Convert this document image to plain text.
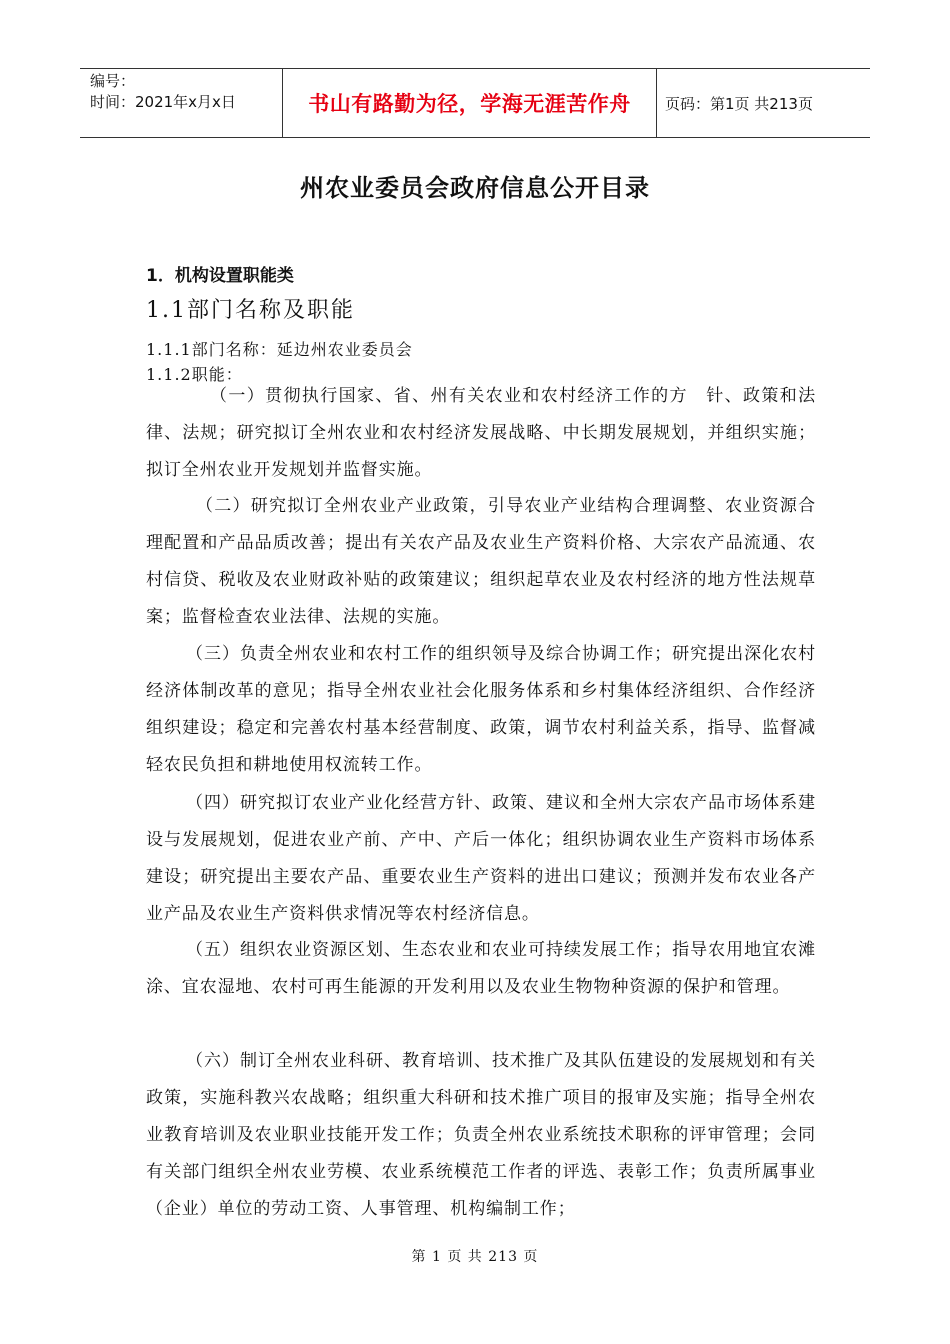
编号：
时间：2021年x月x日	书山有路勤为径，学海无涯苦作舟	页码：第1页 共213页
州农业委员会政府信息公开目录
1．机构设置职能类
1.1部门名称及职能
1.1.1部门名称：延边州农业委员会
1.1.2职能：

（一）贯彻执行国家、省、州有关农业和农村经济工作的方　针、政策和法律、法规；研究拟订全州农业和农村经济发展战略、中长期发展规划，并组织实施；拟订全州农业开发规划并监督实施。

（二）研究拟订全州农业产业政策，引导农业产业结构合理调整、农业资源合理配置和产品品质改善；提出有关农产品及农业生产资料价格、大宗农产品流通、农村信贷、税收及农业财政补贴的政策建议；组织起草农业及农村经济的地方性法规草案；监督检查农业法律、法规的实施。

（三）负责全州农业和农村工作的组织领导及综合协调工作；研究提出深化农村经济体制改革的意见；指导全州农业社会化服务体系和乡村集体经济组织、合作经济组织建设；稳定和完善农村基本经营制度、政策，调节农村利益关系，指导、监督减轻农民负担和耕地使用权流转工作。

（四）研究拟订农业产业化经营方针、政策、建议和全州大宗农产品市场体系建设与发展规划，促进农业产前、产中、产后一体化；组织协调农业生产资料市场体系建设；研究提出主要农产品、重要农业生产资料的进出口建议；预测并发布农业各产业产品及农业生产资料供求情况等农村经济信息。

（五）组织农业资源区划、生态农业和农业可持续发展工作；指导农用地宜农滩涂、宜农湿地、农村可再生能源的开发利用以及农业生物物种资源的保护和管理。

（六）制订全州农业科研、教育培训、技术推广及其队伍建设的发展规划和有关政策，实施科教兴农战略；组织重大科研和技术推广项目的报审及实施；指导全州农业教育培训及农业职业技能开发工作；负责全州农业系统技术职称的评审管理；会同有关部门组织全州农业劳模、农业系统模范工作者的评选、表彰工作；负责所属事业（企业）单位的劳动工资、人事管理、机构编制工作；

第 1 页 共 213 页
